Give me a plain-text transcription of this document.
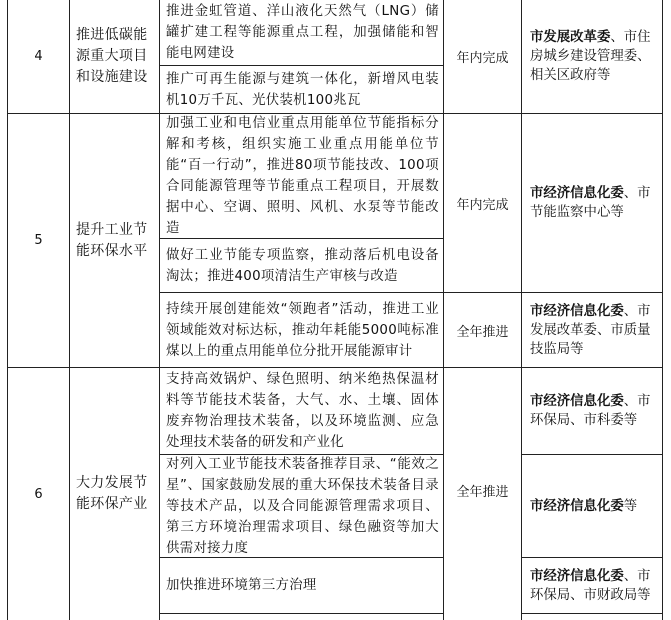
4
推进低碳能源重大项目和设施建设
推进金虹管道、洋山液化天然气（LNG）储罐扩建工程等能源重点工程，加强储能和智能电网建设
推广可再生能源与建筑一体化，新增风电装机10万千瓦、光伏装机100兆瓦
年内完成
市发展改革委、市住房城乡建设管理委、相关区政府等
5
提升工业节能环保水平
加强工业和电信业重点用能单位节能指标分解和考核，组织实施工业重点用能单位节能“百一行动”，推进80项节能技改、100项合同能源管理等节能重点工程项目，开展数据中心、空调、照明、风机、水泵等节能改造
做好工业节能专项监察，推动落后机电设备淘汰；推进400项清洁生产审核与改造
持续开展创建能效“领跑者”活动，推进工业领域能效对标达标，推动年耗能5000吨标准煤以上的重点用能单位分批开展能源审计
年内完成
市经济信息化委、市节能监察中心等
全年推进
市经济信息化委、市发展改革委、市质量技监局等
6
大力发展节能环保产业
支持高效锅炉、绿色照明、纳米绝热保温材料等节能技术装备，大气、水、土壤、固体废弃物治理技术装备，以及环境监测、应急处理技术装备的研发和产业化
对列入工业节能技术装备推荐目录、“能效之星”、国家鼓励发展的重大环保技术装备目录等技术产品，以及合同能源管理需求项目、第三方环境治理需求项目、绿色融资等加大供需对接力度
加快推进环境第三方治理
全年推进
市经济信息化委、市环保局、市科委等
市经济信息化委等
市经济信息化委、市环保局、市财政局等
